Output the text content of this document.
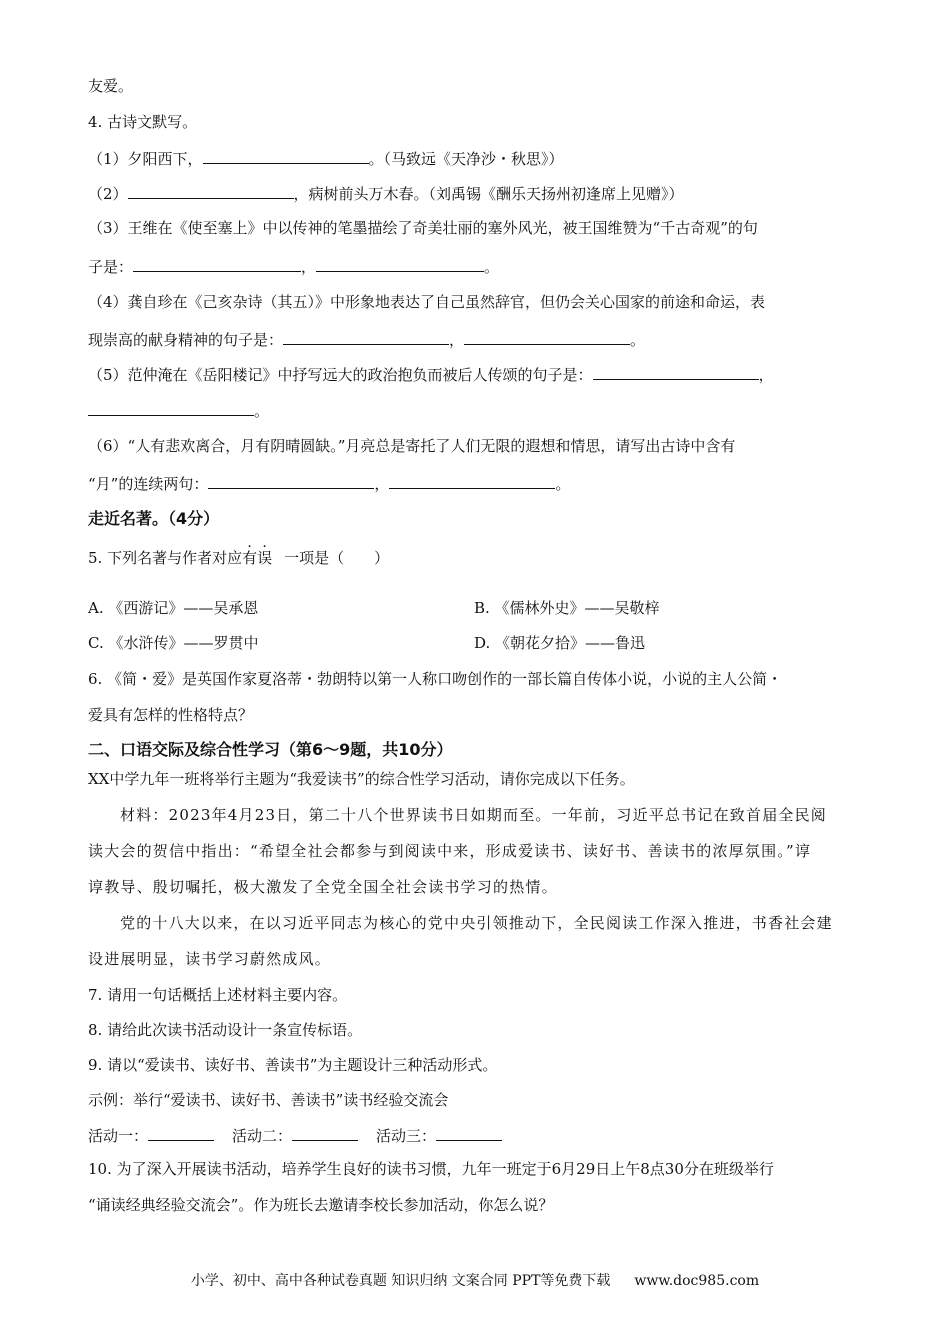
友爱。
4. 古诗文默写。
（1）夕阳西下，	。（马致远《天净沙・秋思》）
（2）	，病树前头万木春。（刘禹锡《酬乐天扬州初逢席上见赠》）
（3）王维在《使至塞上》中以传神的笔墨描绘了奇美壮丽的塞外风光，被王国维赞为“千古奇观”的句
子是：	，	。
（4）龚自珍在《己亥杂诗（其五）》中形象地表达了自己虽然辞官，但仍会关心国家的前途和命运，表
现崇高的献身精神的句子是：	，	。
（5）范仲淹在《岳阳楼记》中抒写远大的政治抱负而被后人传颂的句子是：	，
。
（6）“人有悲欢离合，月有阴晴圆缺。”月亮总是寄托了人们无限的遐想和情思，请写出古诗中含有
“月”的连续两句：	，	。
走近名著。（4分）
5. 下列名著与作者对应有误 一项是（　　）
A. 《西游记》——吴承恩	B. 《儒林外史》——吴敬梓
C. 《水浒传》——罗贯中	D. 《朝花夕拾》——鲁迅
6. 《简・爱》是英国作家夏洛蒂・勃朗特以第一人称口吻创作的一部长篇自传体小说，小说的主人公简・
爱具有怎样的性格特点？
二、口语交际及综合性学习（第6～9题，共10分）
XX中学九年一班将举行主题为“我爱读书”的综合性学习活动，请你完成以下任务。
材料：2023年4月23日，第二十八个世界读书日如期而至。一年前，习近平总书记在致首届全民阅
读大会的贺信中指出：“希望全社会都参与到阅读中来，形成爱读书、读好书、善读书的浓厚氛围。”谆
谆教导、殷切嘱托，极大激发了全党全国全社会读书学习的热情。
党的十八大以来，在以习近平同志为核心的党中央引领推动下，全民阅读工作深入推进，书香社会建
设进展明显，读书学习蔚然成风。
7. 请用一句话概括上述材料主要内容。
8. 请给此次读书活动设计一条宣传标语。
9. 请以“爱读书、读好书、善读书”为主题设计三种活动形式。
示例：举行“爱读书、读好书、善读书”读书经验交流会
活动一：	活动二：	活动三：
10. 为了深入开展读书活动，培养学生良好的读书习惯，九年一班定于6月29日上午8点30分在班级举行
“诵读经典经验交流会”。作为班长去邀请李校长参加活动，你怎么说？
小学、初中、高中各种试卷真题 知识归纳 文案合同 PPT等免费下载 www.doc985.com
